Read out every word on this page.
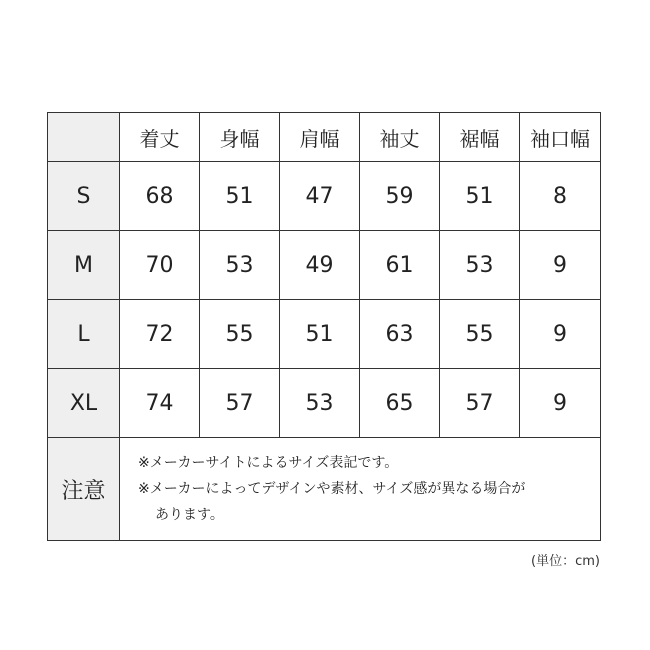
	着丈	身幅	肩幅	袖丈	裾幅	袖口幅
S	68	51	47	59	51	8
M	70	53	49	61	53	9
L	72	55	51	63	55	9
XL	74	57	53	65	57	9
注意	※メーカーサイトによるサイズ表記です。
※メーカーによってデザインや素材、サイズ感が異なる場合が
あります。					
(単位：cm)
